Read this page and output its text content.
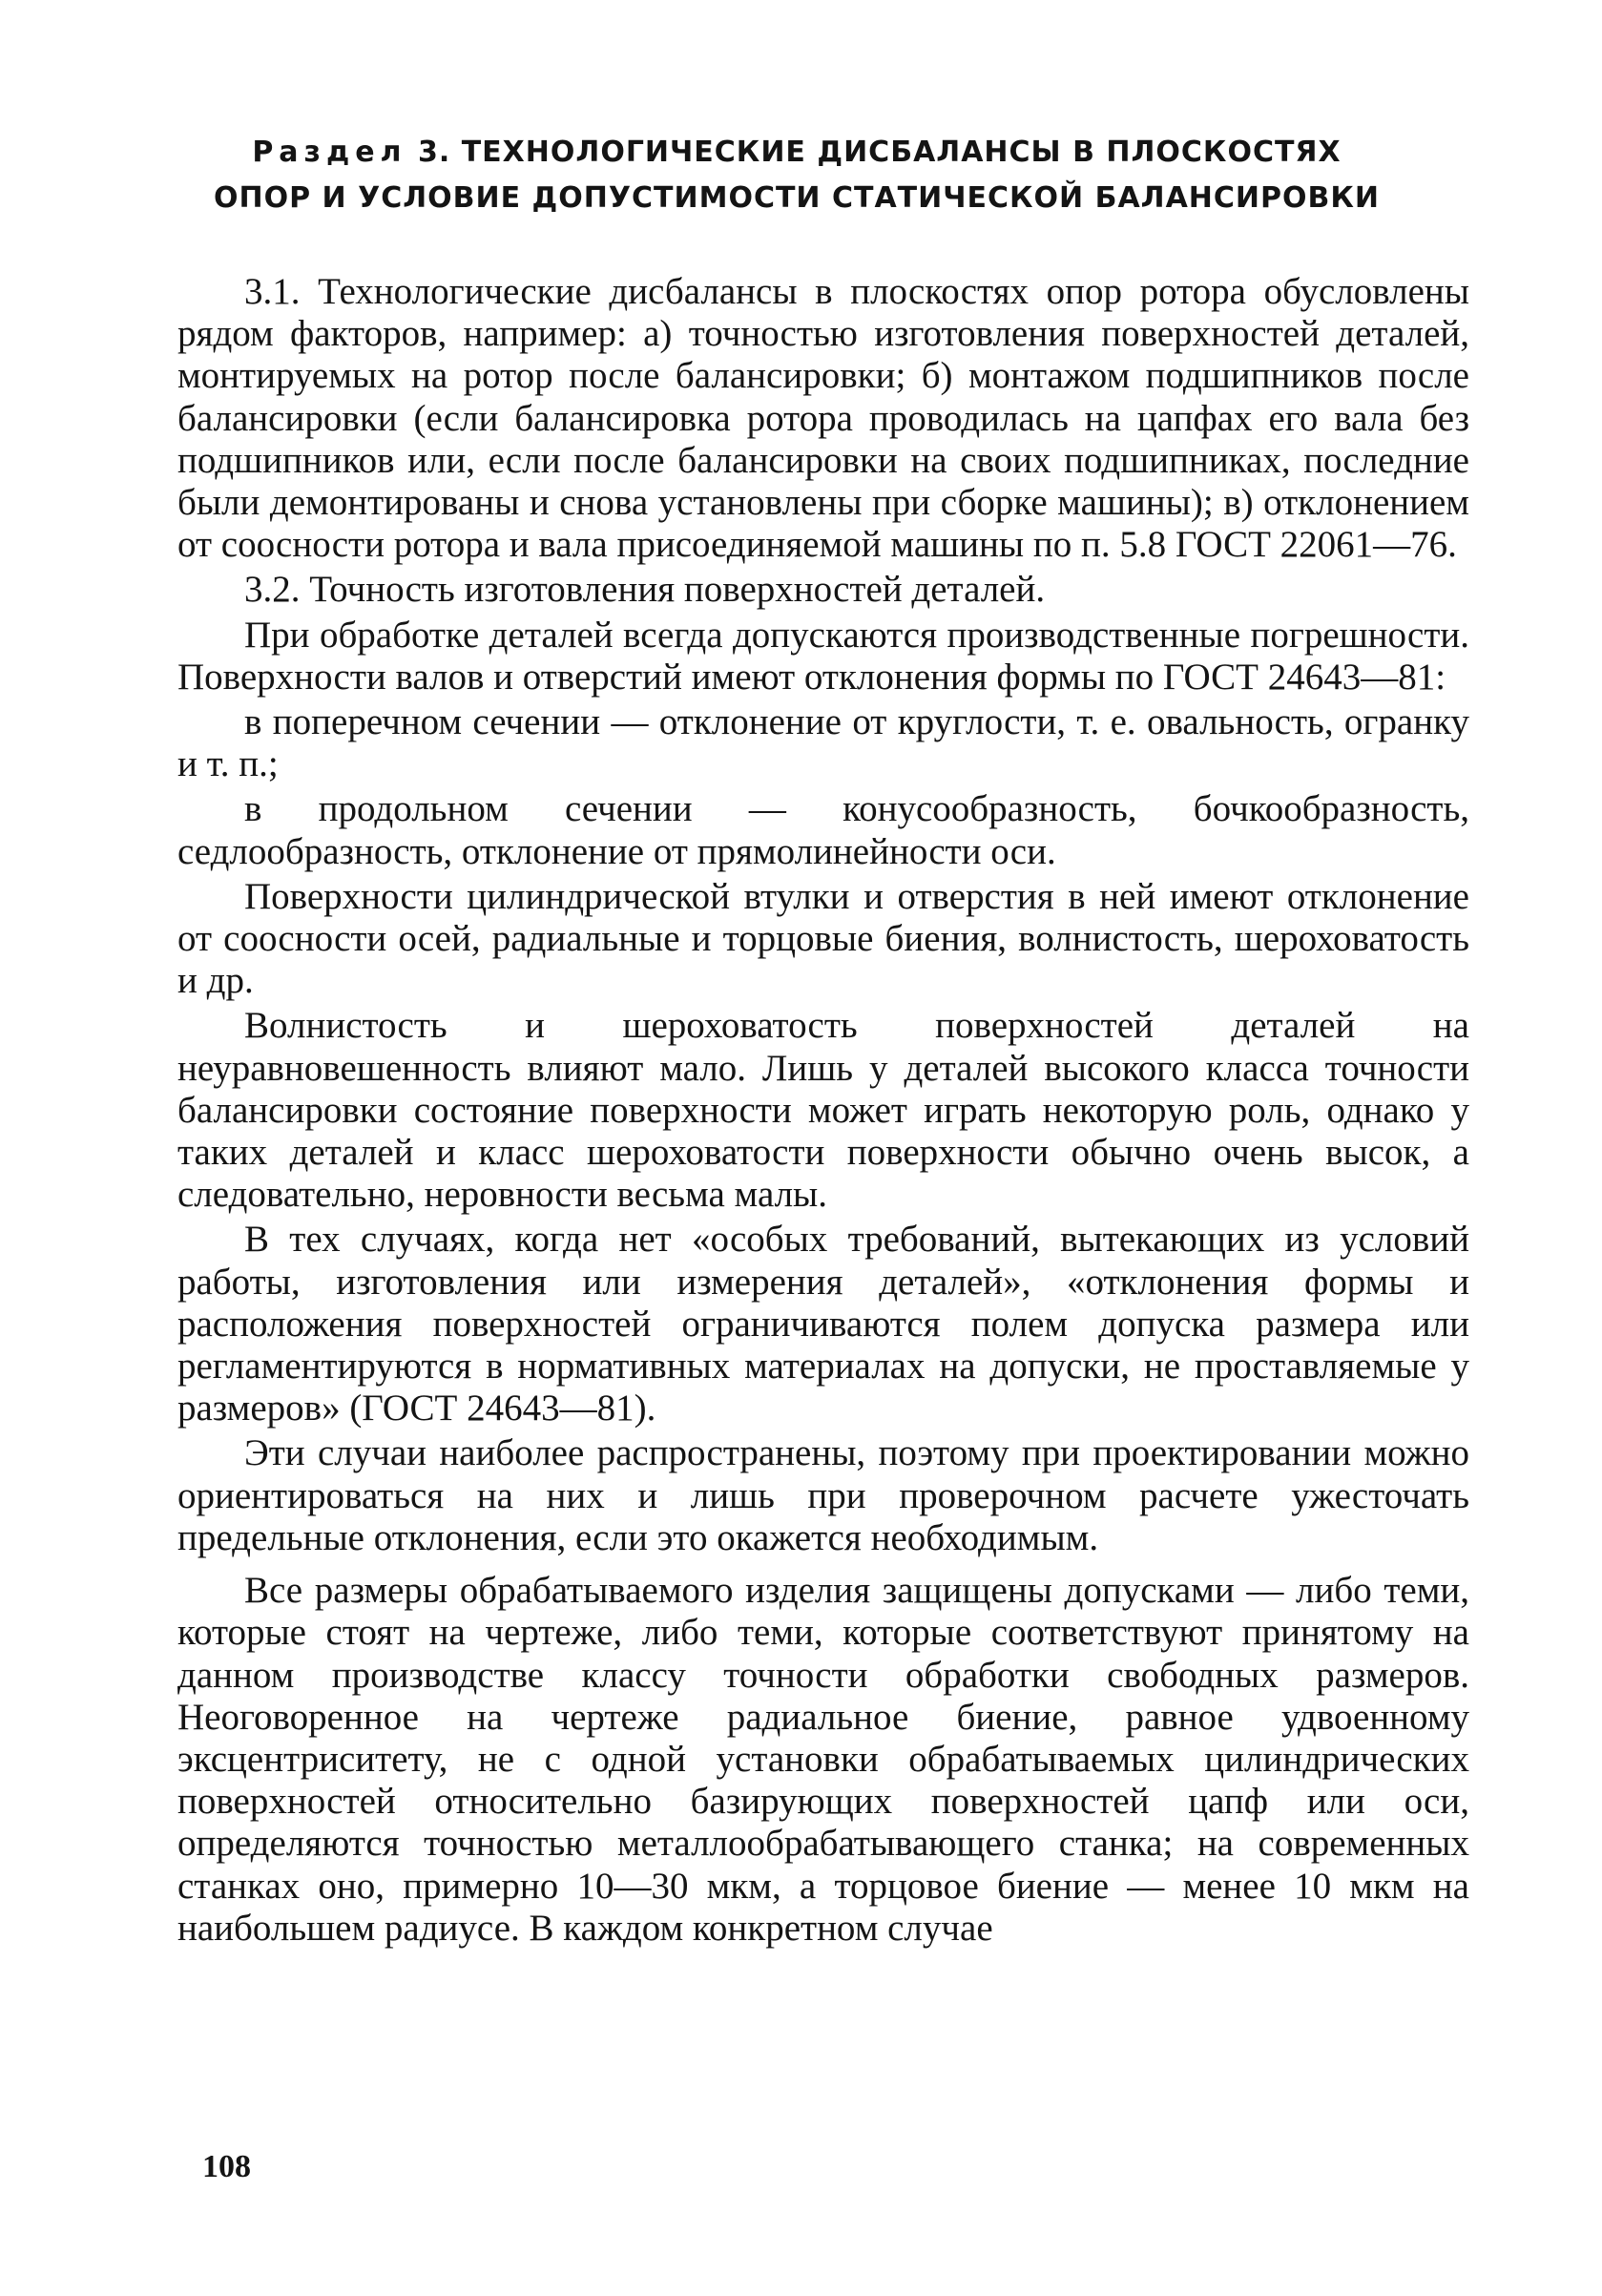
Раздел 3. ТЕХНОЛОГИЧЕСКИЕ ДИСБАЛАНСЫ В ПЛОСКОСТЯХ
ОПОР И УСЛОВИЕ ДОПУСТИМОСТИ СТАТИЧЕСКОЙ БАЛАНСИРОВКИ

3.1. Технологические дисбалансы в плоскостях опор ротора обусловлены рядом факторов, например: а) точностью изготовления поверхностей деталей, монтируемых на ротор после балансировки; б) монтажом подшипников после балансировки (если балансировка ротора проводилась на цапфах его вала без подшипников или, если после балансировки на своих подшипниках, последние были демонтированы и снова установлены при сборке машины); в) отклонением от соосности ротора и вала присоединяемой машины по п. 5.8 ГОСТ 22061—76.

3.2. Точность изготовления поверхностей деталей.

При обработке деталей всегда допускаются производственные погрешности. Поверхности валов и отверстий имеют отклонения формы по ГОСТ 24643—81:

в поперечном сечении — отклонение от круглости, т. е. овальность, огранку и т. п.;

в продольном сечении — конусообразность, бочкообразность, седлообразность, отклонение от прямолинейности оси.

Поверхности цилиндрической втулки и отверстия в ней имеют отклонение от соосности осей, радиальные и торцовые биения, волнистость, шероховатость и др.

Волнистость и шероховатость поверхностей деталей на неуравновешенность влияют мало. Лишь у деталей высокого класса точности балансировки состояние поверхности может играть некоторую роль, однако у таких деталей и класс шероховатости поверхности обычно очень высок, а следовательно, неровности весьма малы.

В тех случаях, когда нет «особых требований, вытекающих из условий работы, изготовления или измерения деталей», «отклонения формы и расположения поверхностей ограничиваются полем допуска размера или регламентируются в нормативных материалах на допуски, не проставляемые у размеров» (ГОСТ 24643—81).

Эти случаи наиболее распространены, поэтому при проектировании можно ориентироваться на них и лишь при проверочном расчете ужесточать предельные отклонения, если это окажется необходимым.

Все размеры обрабатываемого изделия защищены допусками — либо теми, которые стоят на чертеже, либо теми, которые соответствуют принятому на данном производстве классу точности обработки свободных размеров. Неоговоренное на чертеже радиальное биение, равное удвоенному эксцентриситету, не с одной установки обрабатываемых цилиндрических поверхностей относительно базирующих поверхностей цапф или оси, определяются точностью металлообрабатывающего станка; на современных станках оно, примерно 10—30 мкм, а торцовое биение — менее 10 мкм на наибольшем радиусе. В каждом конкретном случае

108
